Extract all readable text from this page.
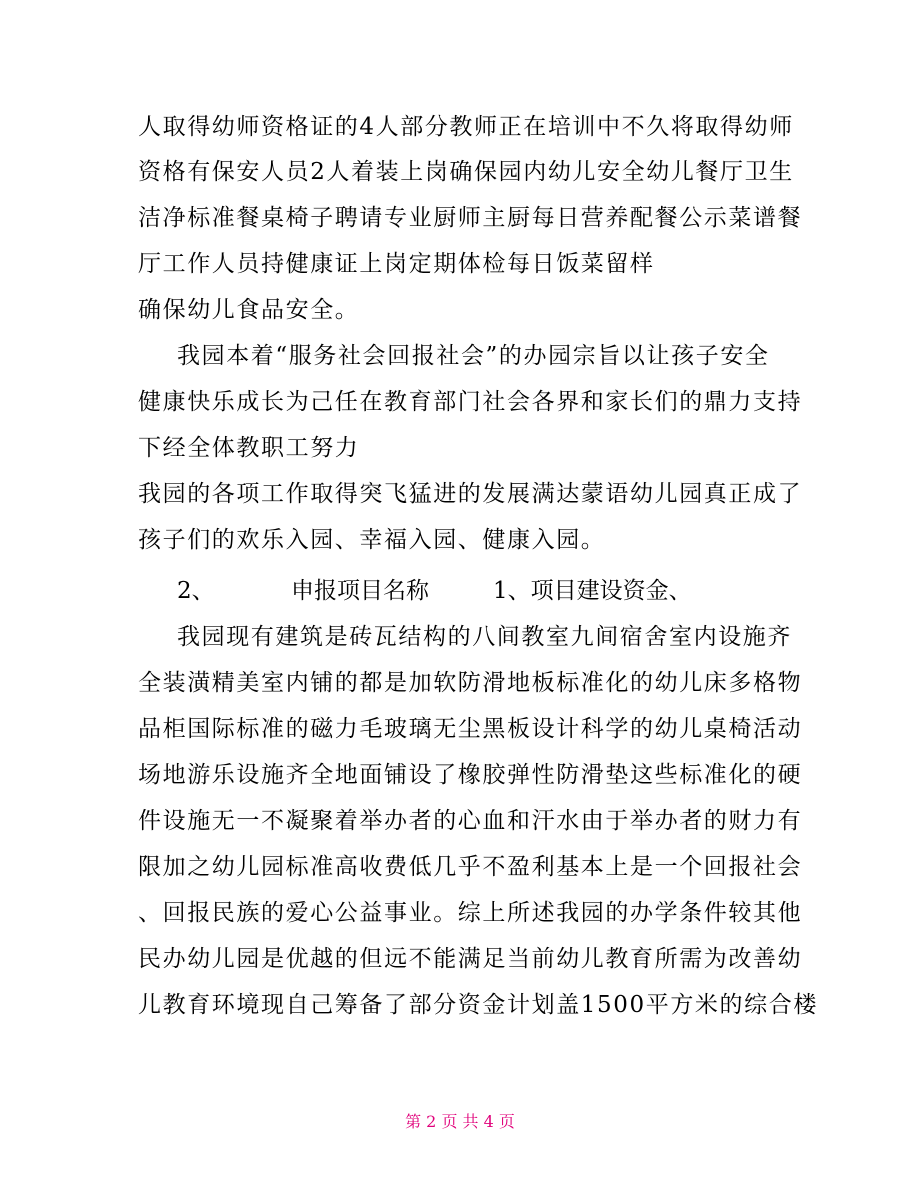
人取得幼师资格证的4人部分教师正在培训中不久将取得幼师
资格有保安人员2人着装上岗确保园内幼儿安全幼儿餐厅卫生
洁净标准餐桌椅子聘请专业厨师主厨每日营养配餐公示菜谱餐
厅工作人员持健康证上岗定期体检每日饭菜留样
确保幼儿食品安全。
我园本着“服务社会回报社会”的办园宗旨以让孩子安全
健康快乐成长为己任在教育部门社会各界和家长们的鼎力支持
下经全体教职工努力
我园的各项工作取得突飞猛进的发展满达蒙语幼儿园真正成了
孩子们的欢乐入园、幸福入园、健康入园。
2、	申报项目名称	1、项目建设资金、
我园现有建筑是砖瓦结构的八间教室九间宿舍室内设施齐
全装潢精美室内铺的都是加软防滑地板标准化的幼儿床多格物
品柜国际标准的磁力毛玻璃无尘黑板设计科学的幼儿桌椅活动
场地游乐设施齐全地面铺设了橡胶弹性防滑垫这些标准化的硬
件设施无一不凝聚着举办者的心血和汗水由于举办者的财力有
限加之幼儿园标准高收费低几乎不盈利基本上是一个回报社会
、回报民族的爱心公益事业。综上所述我园的办学条件较其他
民办幼儿园是优越的但远不能满足当前幼儿教育所需为改善幼
儿教育环境现自己筹备了部分资金计划盖1500平方米的综合楼
第 2 页 共 4 页
